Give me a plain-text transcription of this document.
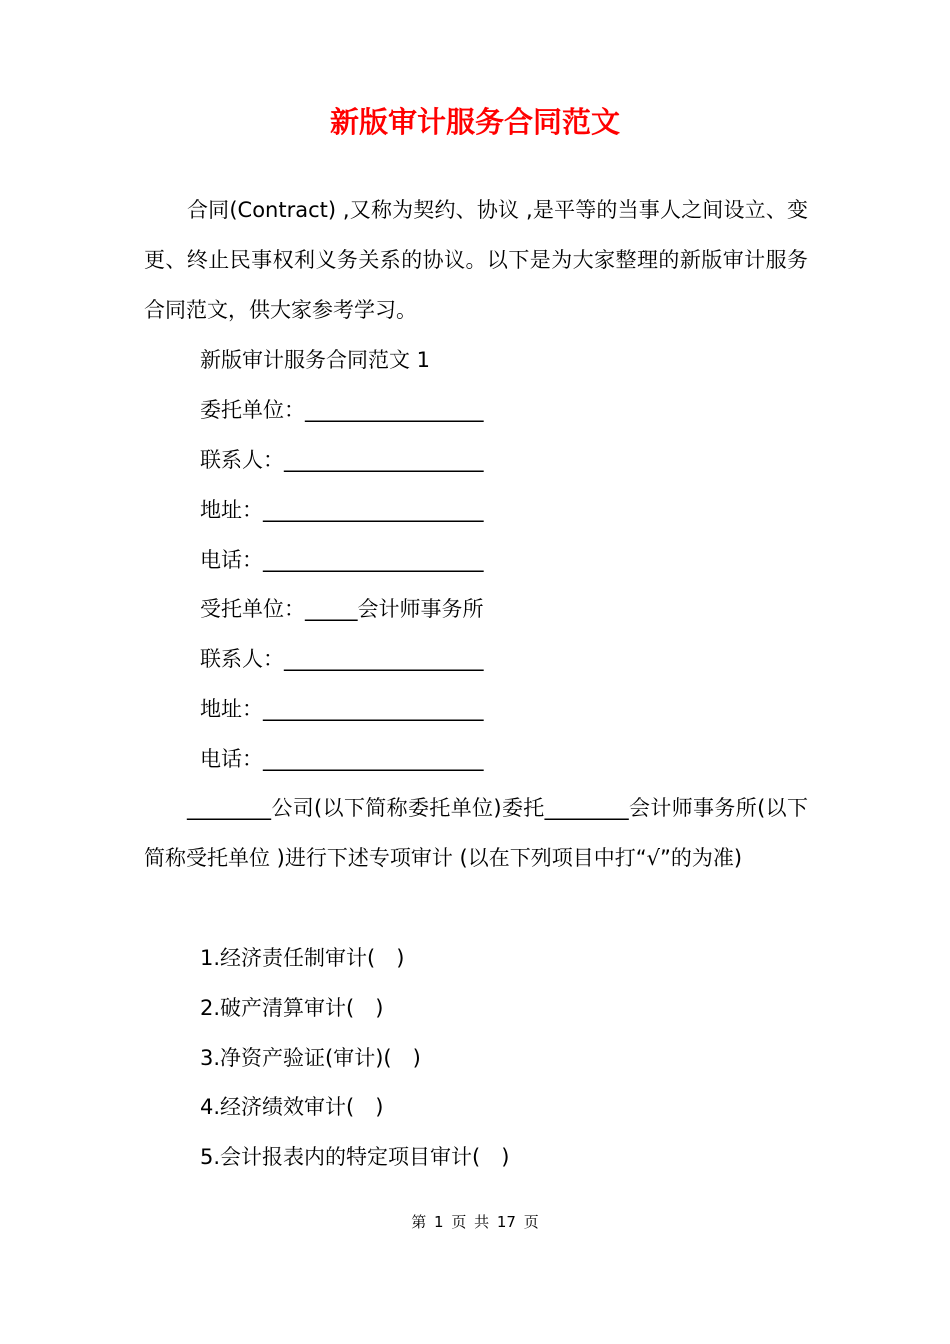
新版审计服务合同范文
合同(Contract) ,又称为契约、协议 ,是平等的当事人之间设立、变更、终止民事权利义务关系的协议。以下是为大家整理的新版审计服务合同范文，供大家参考学习。
新版审计服务合同范文 1
委托单位：_________________
联系人：___________________
地址：_____________________
电话：_____________________
受托单位：_____会计师事务所
联系人：___________________
地址：_____________________
电话：_____________________
________公司(以下简称委托单位)委托________会计师事务所(以下简称受托单位 )进行下述专项审计 (以在下列项目中打“√”的为准)
1.经济责任制审计(　)
2.破产清算审计(　)
3.净资产验证(审计)(　)
4.经济绩效审计(　)
5.会计报表内的特定项目审计(　)
第 1 页 共 17 页
